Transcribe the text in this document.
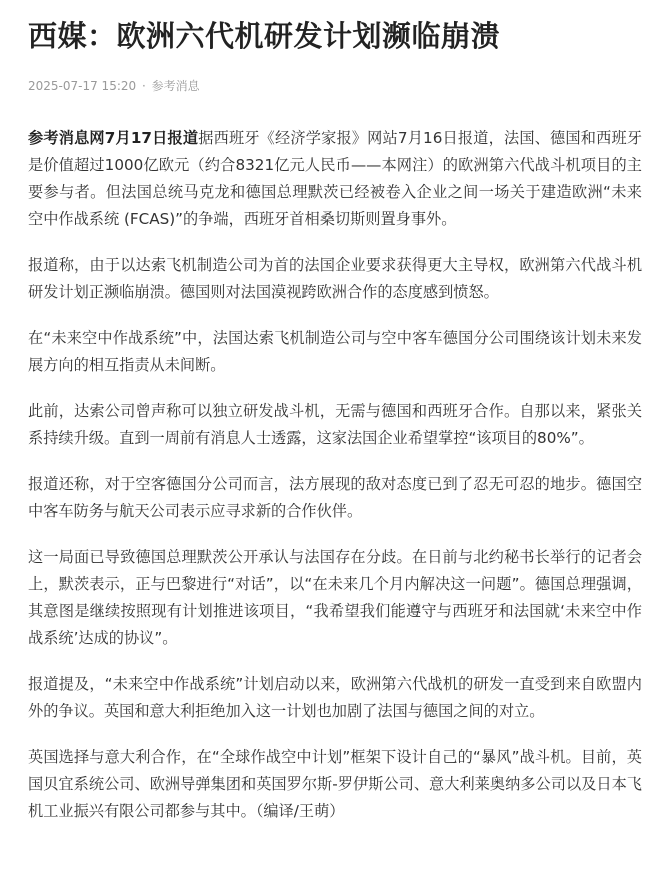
西媒：欧洲六代机研发计划濒临崩溃
2025-07-17 15:20 · 参考消息

参考消息网7月17日报道据西班牙《经济学家报》网站7月16日报道，法国、德国和西班牙是价值超过1000亿欧元（约合8321亿元人民币——本网注）的欧洲第六代战斗机项目的主要参与者。但法国总统马克龙和德国总理默茨已经被卷入企业之间一场关于建造欧洲“未来空中作战系统 (FCAS)”的争端，西班牙首相桑切斯则置身事外。

报道称，由于以达索飞机制造公司为首的法国企业要求获得更大主导权，欧洲第六代战斗机研发计划正濒临崩溃。德国则对法国漠视跨欧洲合作的态度感到愤怒。

在“未来空中作战系统”中，法国达索飞机制造公司与空中客车德国分公司围绕该计划未来发展方向的相互指责从未间断。

此前，达索公司曾声称可以独立研发战斗机，无需与德国和西班牙合作。自那以来，紧张关系持续升级。直到一周前有消息人士透露，这家法国企业希望掌控“该项目的80%”。

报道还称，对于空客德国分公司而言，法方展现的敌对态度已到了忍无可忍的地步。德国空中客车防务与航天公司表示应寻求新的合作伙伴。

这一局面已导致德国总理默茨公开承认与法国存在分歧。在日前与北约秘书长举行的记者会上，默茨表示，正与巴黎进行“对话”，以“在未来几个月内解决这一问题”。德国总理强调，其意图是继续按照现有计划推进该项目，“我希望我们能遵守与西班牙和法国就‘未来空中作战系统’达成的协议”。

报道提及，“未来空中作战系统”计划启动以来，欧洲第六代战机的研发一直受到来自欧盟内外的争议。英国和意大利拒绝加入这一计划也加剧了法国与德国之间的对立。

英国选择与意大利合作，在“全球作战空中计划”框架下设计自己的“暴风”战斗机。目前，英国贝宜系统公司、欧洲导弹集团和英国罗尔斯-罗伊斯公司、意大利莱奥纳多公司以及日本飞机工业振兴有限公司都参与其中。（编译/王萌）
